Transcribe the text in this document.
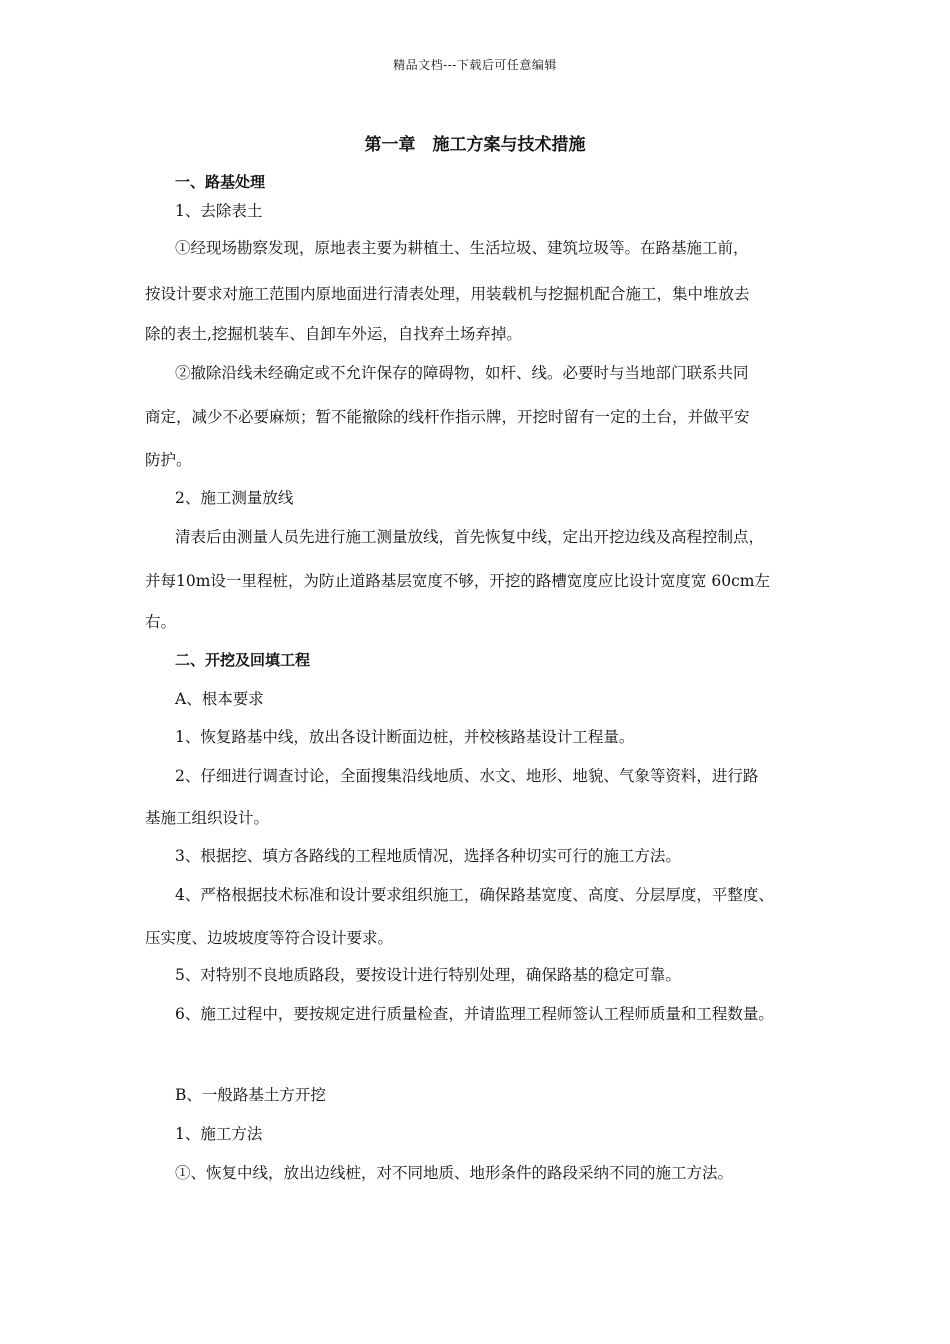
精品文档---下载后可任意编辑
第一章　施工方案与技术措施
一、路基处理
1、去除表土
①经现场勘察发现，原地表主要为耕植土、生活垃圾、建筑垃圾等。在路基施工前，
按设计要求对施工范围内原地面进行清表处理，用装载机与挖掘机配合施工，集中堆放去
除的表土,挖掘机装车、自卸车外运，自找弃土场弃掉。
②撤除沿线未经确定或不允许保存的障碍物，如杆、线。必要时与当地部门联系共同
商定，减少不必要麻烦；暂不能撤除的线杆作指示牌，开挖时留有一定的土台，并做平安
防护。
2、施工测量放线
清表后由测量人员先进行施工测量放线，首先恢复中线，定出开挖边线及高程控制点，
并每10m设一里程桩，为防止道路基层宽度不够，开挖的路槽宽度应比设计宽度宽 60cm左
右。
二、开挖及回填工程
A、根本要求
1、恢复路基中线，放出各设计断面边桩，并校核路基设计工程量。
2、仔细进行调查讨论，全面搜集沿线地质、水文、地形、地貌、气象等资料，进行路
基施工组织设计。
3、根据挖、填方各路线的工程地质情况，选择各种切实可行的施工方法。
4、严格根据技术标准和设计要求组织施工，确保路基宽度、高度、分层厚度，平整度、
压实度、边坡坡度等符合设计要求。
5、对特别不良地质路段，要按设计进行特别处理，确保路基的稳定可靠。
6、施工过程中，要按规定进行质量检查，并请监理工程师签认工程师质量和工程数量。
B、一般路基土方开挖
1、施工方法
①、恢复中线，放出边线桩，对不同地质、地形条件的路段采纳不同的施工方法。
